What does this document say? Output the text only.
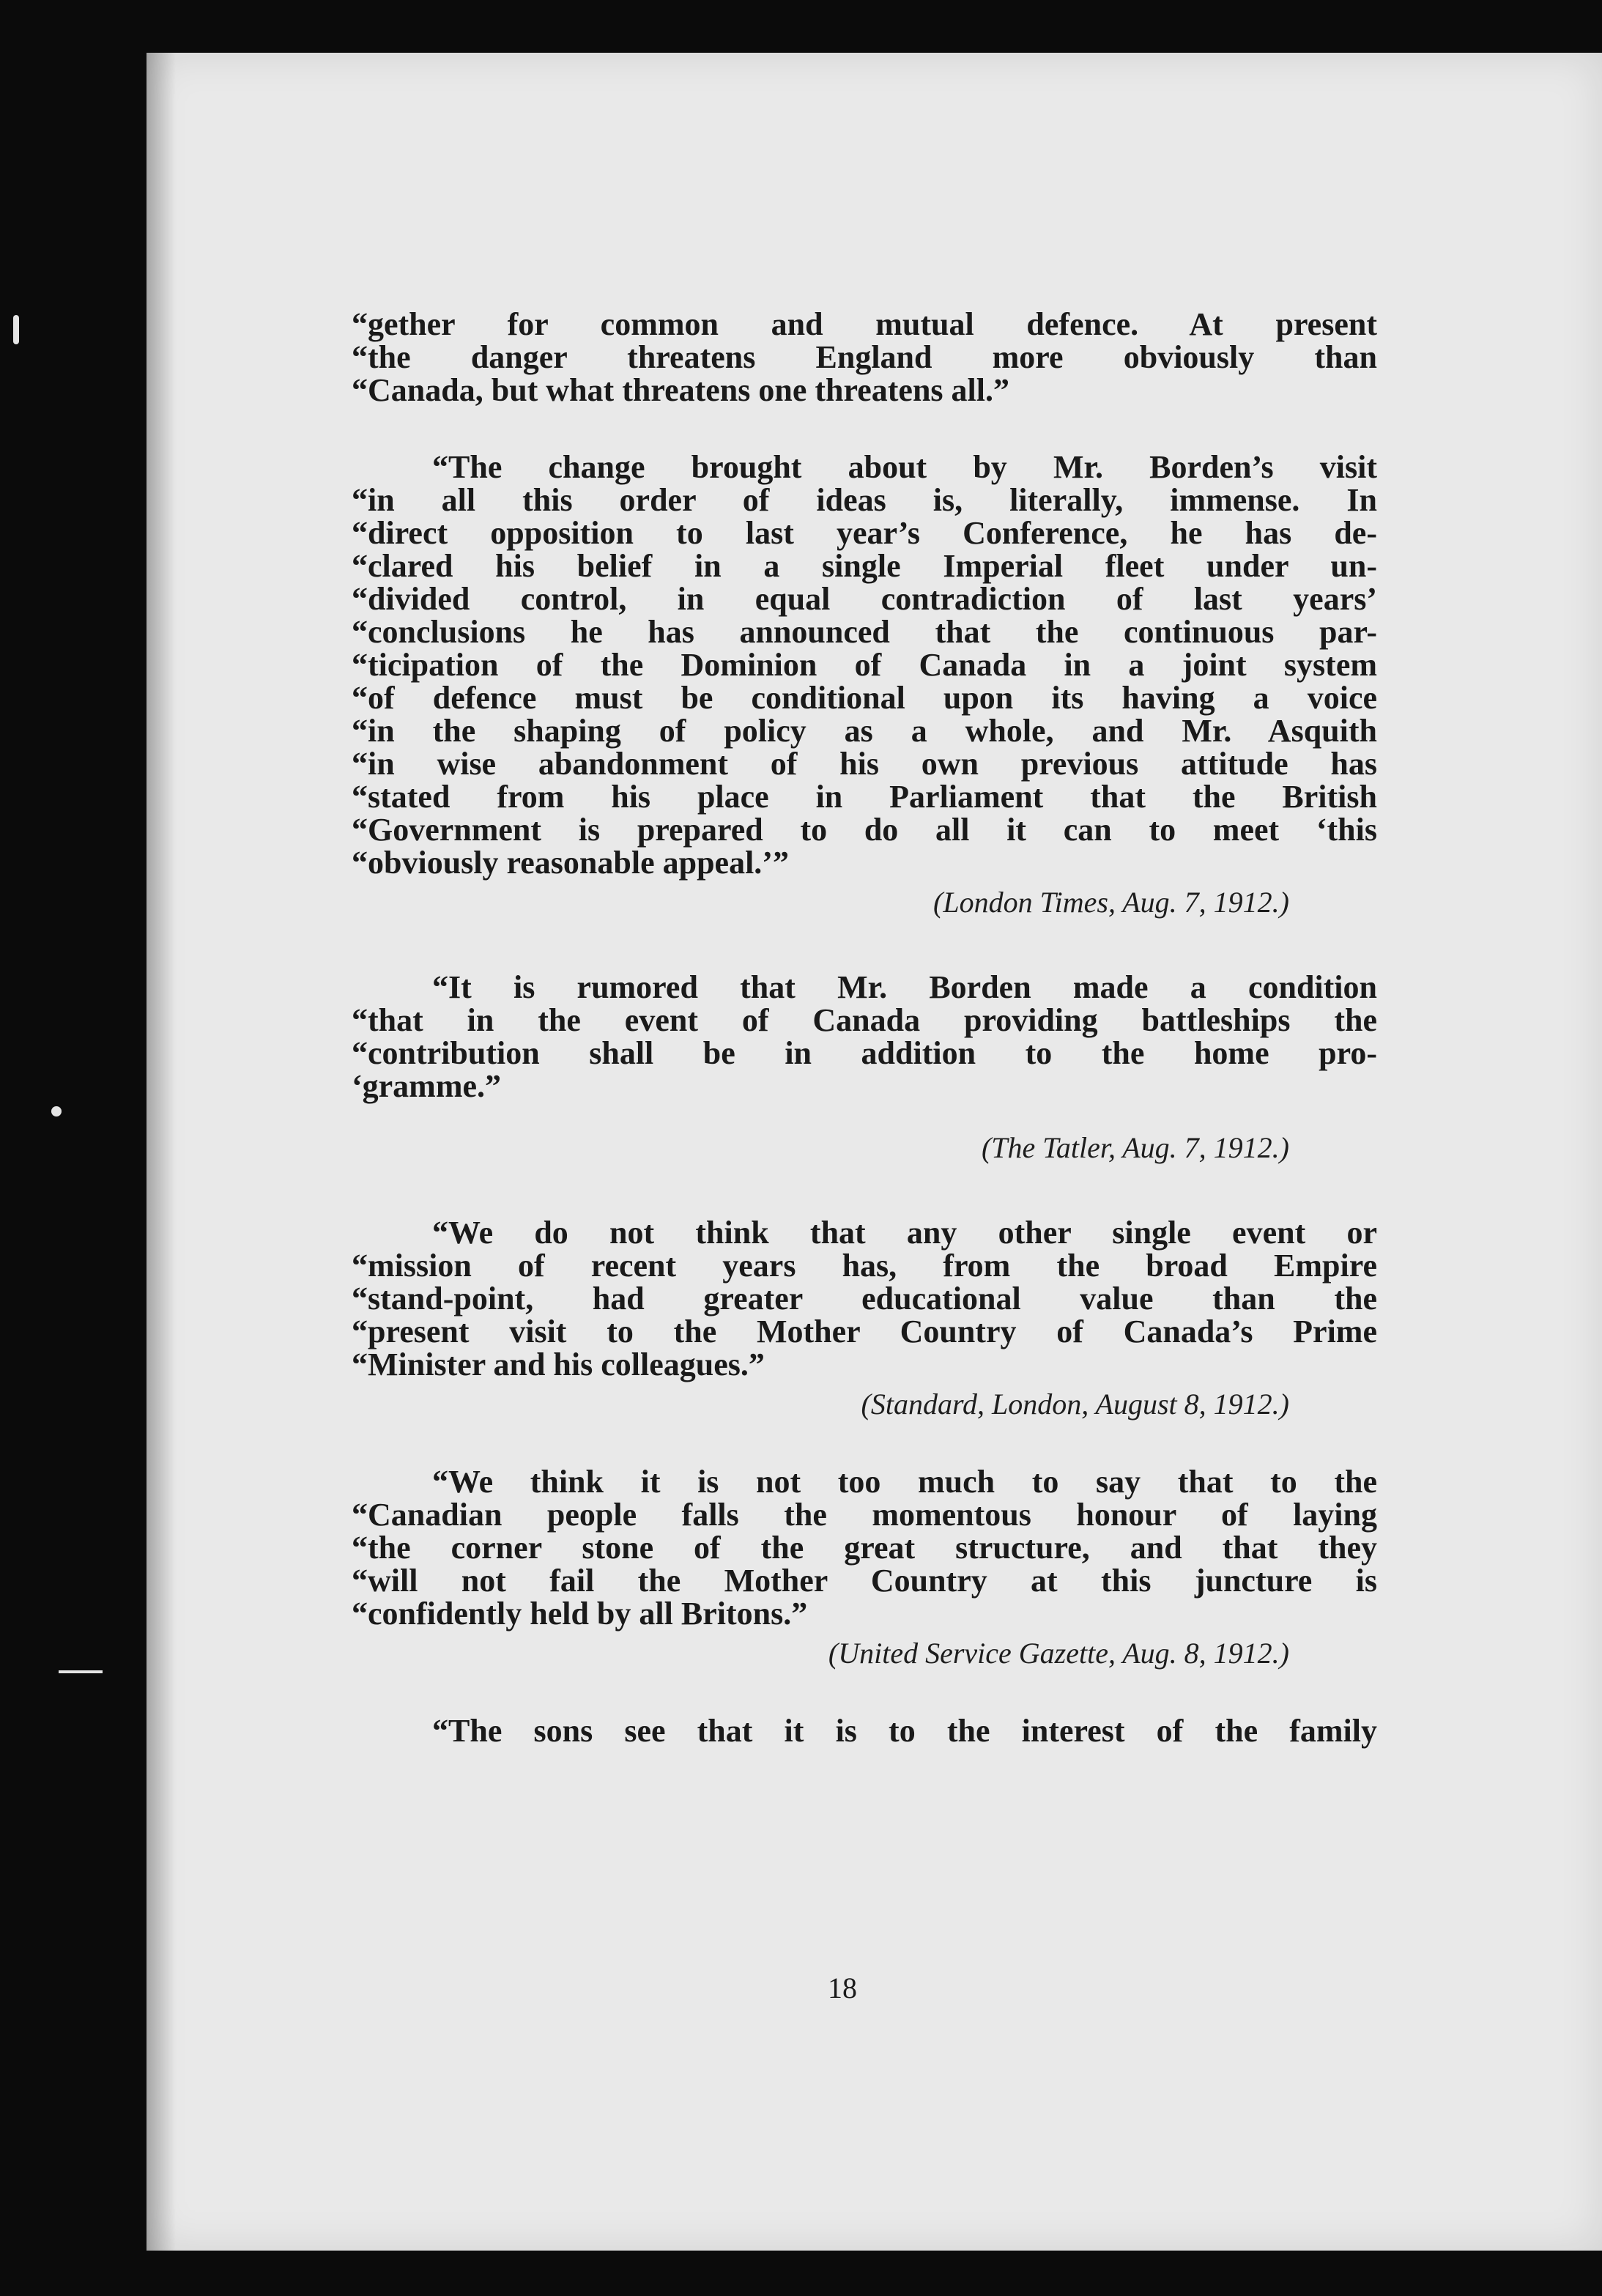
“gether for common and mutual defence. At present
“the danger threatens England more obviously than
“Canada, but what threatens one threatens all.”
“The change brought about by Mr. Borden’s visit
“in all this order of ideas is, literally, immense. In
“direct opposition to last year’s Conference, he has de-
“clared his belief in a single Imperial fleet under un-
“divided control, in equal contradiction of last years’
“conclusions he has announced that the continuous par-
“ticipation of the Dominion of Canada in a joint system
“of defence must be conditional upon its having a voice
“in the shaping of policy as a whole, and Mr. Asquith
“in wise abandonment of his own previous attitude has
“stated from his place in Parliament that the British
“Government is prepared to do all it can to meet ‘this
“obviously reasonable appeal.’”
(London Times, Aug. 7, 1912.)
“It is rumored that Mr. Borden made a condition
“that in the event of Canada providing battleships the
“contribution shall be in addition to the home pro-
‘gramme.”
(The Tatler, Aug. 7, 1912.)
“We do not think that any other single event or
“mission of recent years has, from the broad Empire
“stand-point, had greater educational value than the
“present visit to the Mother Country of Canada’s Prime
“Minister and his colleagues.”
(Standard, London, August 8, 1912.)
“We think it is not too much to say that to the
“Canadian people falls the momentous honour of laying
“the corner stone of the great structure, and that they
“will not fail the Mother Country at this juncture is
“confidently held by all Britons.”
(United Service Gazette, Aug. 8, 1912.)
“The sons see that it is to the interest of the family
18
